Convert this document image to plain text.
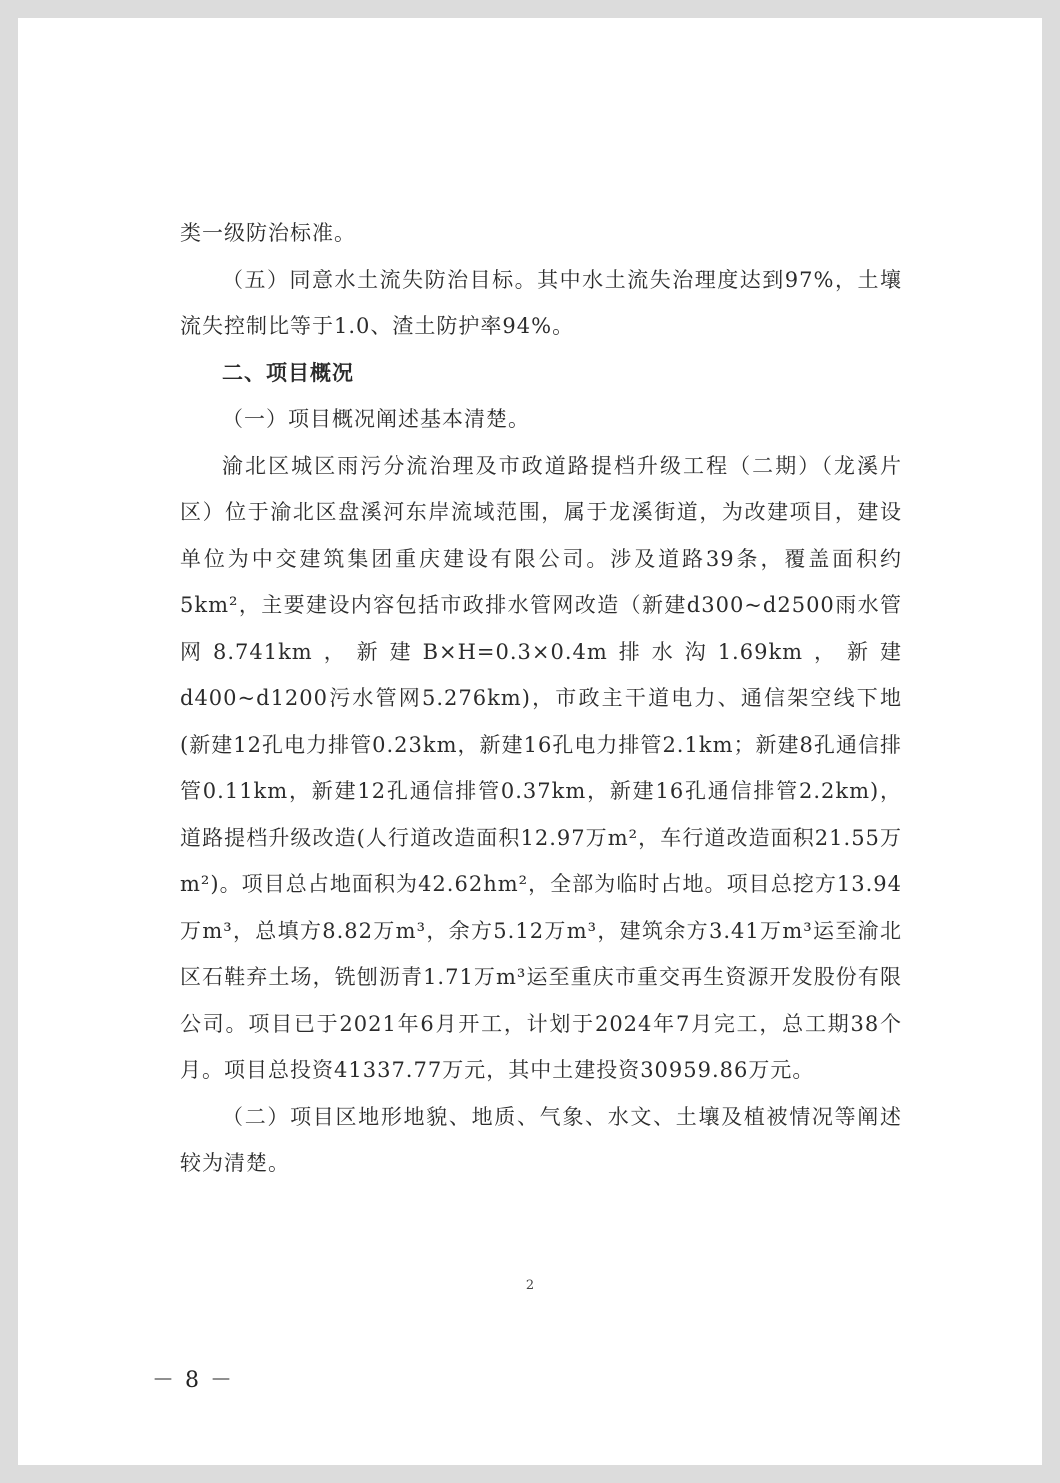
类一级防治标准。

（五）同意水土流失防治目标。其中水土流失治理度达到97%，土壤流失控制比等于1.0、渣土防护率94%。

二、项目概况

（一）项目概况阐述基本清楚。

渝北区城区雨污分流治理及市政道路提档升级工程（二期）（龙溪片区）位于渝北区盘溪河东岸流域范围，属于龙溪街道，为改建项目，建设单位为中交建筑集团重庆建设有限公司。涉及道路39条，覆盖面积约5km²，主要建设内容包括市政排水管网改造（新建d300~d2500雨水管网8.741km，新建B×H=0.3×0.4m排水沟1.69km，新建d400~d1200污水管网5.276km)，市政主干道电力、通信架空线下地(新建12孔电力排管0.23km，新建16孔电力排管2.1km；新建8孔通信排管0.11km，新建12孔通信排管0.37km，新建16孔通信排管2.2km)，道路提档升级改造(人行道改造面积12.97万m²，车行道改造面积21.55万m²)。项目总占地面积为42.62hm²，全部为临时占地。项目总挖方13.94万m³，总填方8.82万m³，余方5.12万m³，建筑余方3.41万m³运至渝北区石鞋弃土场，铣刨沥青1.71万m³运至重庆市重交再生资源开发股份有限公司。项目已于2021年6月开工，计划于2024年7月完工，总工期38个月。项目总投资41337.77万元，其中土建投资30959.86万元。

（二）项目区地形地貌、地质、气象、水文、土壤及植被情况等阐述较为清楚。

2
－ 8 －
